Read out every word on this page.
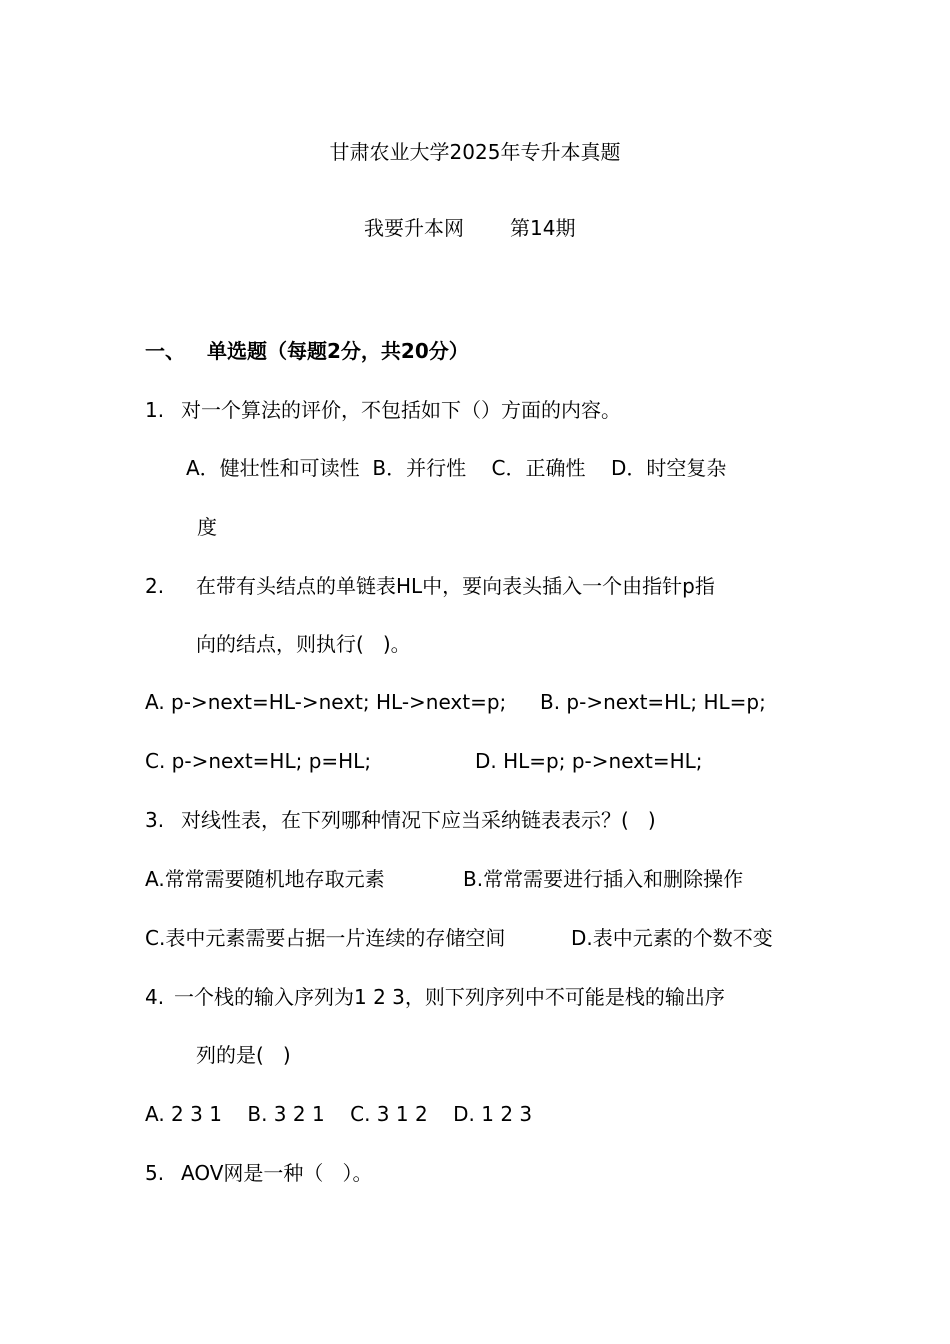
甘肃农业大学2025年专升本真题
我要升本网 第14期
一、 单选题（每题2分，共20分）
1. 对一个算法的评价，不包括如下（）方面的内容。
A．健壮性和可读性  B．并行性    C．正确性    D．时空复杂
度
2. 在带有头结点的单链表HL中，要向表头插入一个由指针p指
向的结点，则执行(   )。
A. p->next=HL->next; HL->next=p; B. p->next=HL; HL=p;
C. p->next=HL; p=HL;	D. HL=p; p->next=HL;
3. 对线性表，在下列哪种情况下应当采纳链表表示？(   )
A.常常需要随机地存取元素	B.常常需要进行插入和删除操作
C.表中元素需要占据一片连续的存储空间	D.表中元素的个数不变
4. 一个栈的输入序列为1 2 3，则下列序列中不可能是栈的输出序
列的是(   )
A. 2 3 1    B. 3 2 1    C. 3 1 2    D. 1 2 3
5. AOV网是一种（   ）。
